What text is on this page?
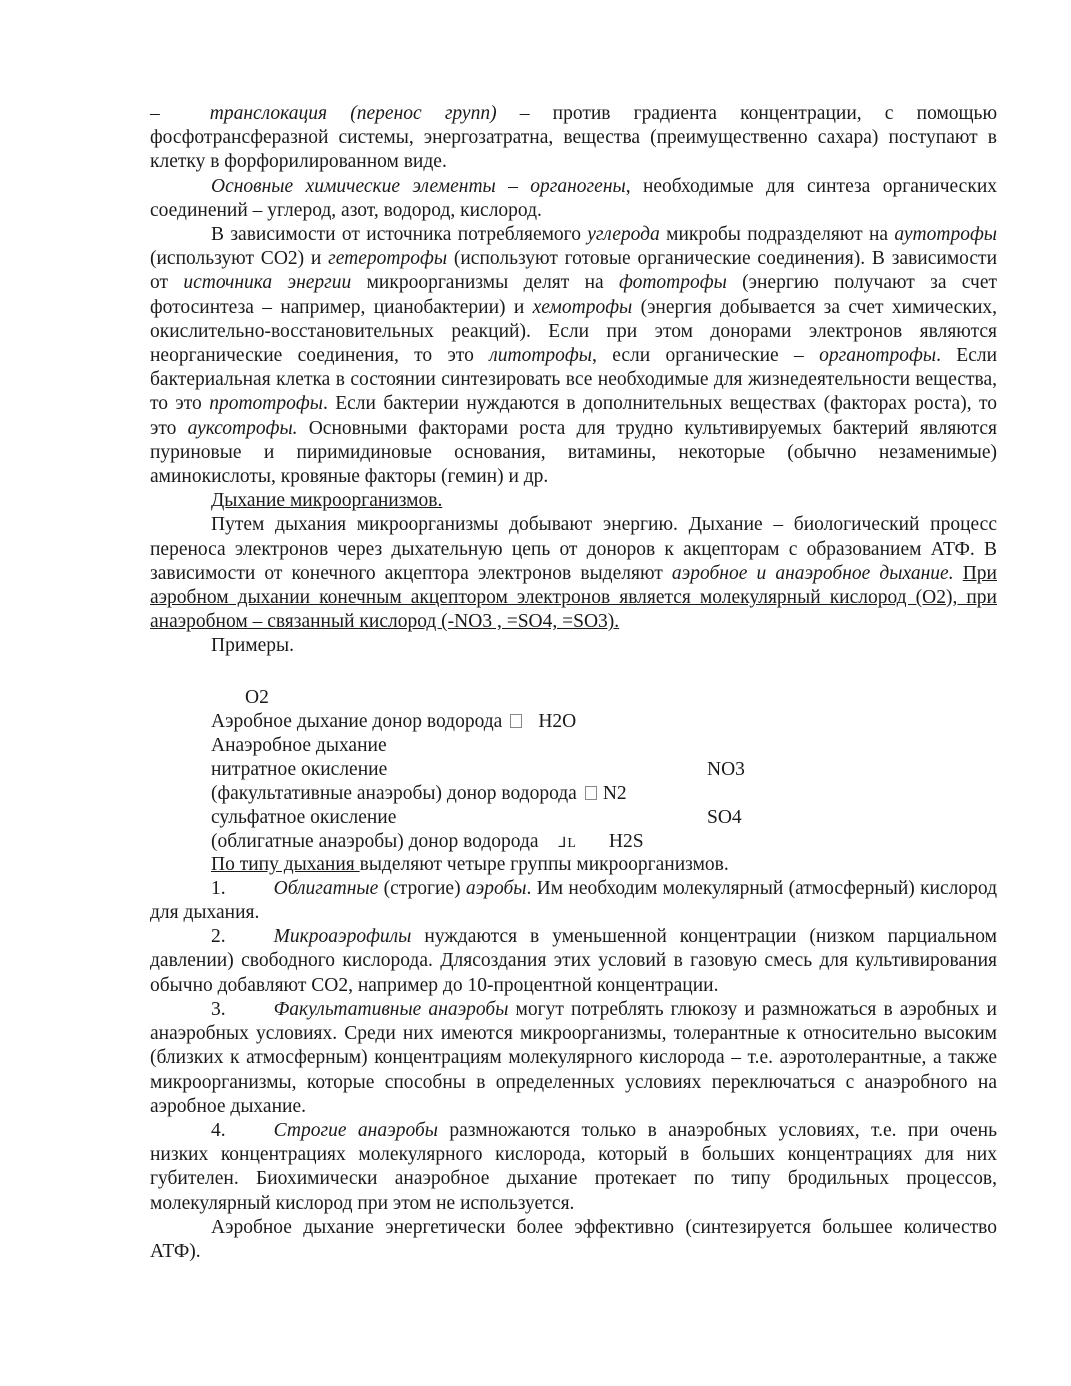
–	транслокация (перенос групп) – против градиента концентрации, с помощью фосфотрансферазной системы, энергозатратна, вещества (преимущественно сахара) поступают в клетку в форфорилированном виде.

Основные химические элементы – органогены, необходимые для синтеза органических соединений – углерод, азот, водород, кислород.

В зависимости от источника потребляемого углерода микробы подразделяют на аутотрофы (используют СО2) и гетеротрофы (используют готовые органические соединения). В зависимости от источника энергии микроорганизмы делят на фототрофы (энергию получают за счет фотосинтеза – например, цианобактерии) и хемотрофы (энергия добывается за счет химических, окислительно-восстановительных реакций). Если при этом донорами электронов являются неорганические соединения, то это литотрофы, если органические – органотрофы. Если бактериальная клетка в состоянии синтезировать все необходимые для жизнедеятельности вещества, то это прототрофы. Если бактерии нуждаются в дополнительных веществах (факторах роста), то это ауксотрофы. Основными факторами роста для трудно культивируемых бактерий являются пуриновые и пиримидиновые основания, витамины, некоторые (обычно незаменимые) аминокислоты, кровяные факторы (гемин) и др.

Дыхание микроорганизмов.

Путем дыхания микроорганизмы добывают энергию. Дыхание – биологический процесс переноса электронов через дыхательную цепь от доноров к акцепторам с образованием АТФ. В зависимости от конечного акцептора электронов выделяют аэробное и анаэробное дыхание. При аэробном дыхании конечным акцептором электронов является молекулярный кислород (О2), при анаэробном – связанный кислород (-NO3 , =SO4, =SO3).

Примеры.

O2
Аэробное дыхание донор водорода H2O
Анаэробное дыхание
нитратное окисление	NO3
(факультативные анаэробы) донор водорода N2
сульфатное окисление	SO4
(облигатные анаэробы) донор водорода ⅃L H2S

По типу дыхания выделяют четыре группы микроорганизмов.

1. Облигатные (строгие) аэробы. Им необходим молекулярный (атмосферный) кислород для дыхания.

2. Микроаэрофилы нуждаются в уменьшенной концентрации (низком парциальном давлении) свободного кислорода. Длясоздания этих условий в газовую смесь для культивирования обычно добавляют СО2, например до 10-процентной концентрации.

3. Факультативные анаэробы могут потреблять глюкозу и размножаться в аэробных и анаэробных условиях. Среди них имеются микроорганизмы, толерантные к относительно высоким (близких к атмосферным) концентрациям молекулярного кислорода – т.е. аэротолерантные, а также микроорганизмы, которые способны в определенных условиях переключаться с анаэробного на аэробное дыхание.

4. Строгие анаэробы размножаются только в анаэробных условиях, т.е. при очень низких концентрациях молекулярного кислорода, который в больших концентрациях для них губителен. Биохимически анаэробное дыхание протекает по типу бродильных процессов, молекулярный кислород при этом не используется.

Аэробное дыхание энергетически более эффективно (синтезируется большее количество АТФ).
